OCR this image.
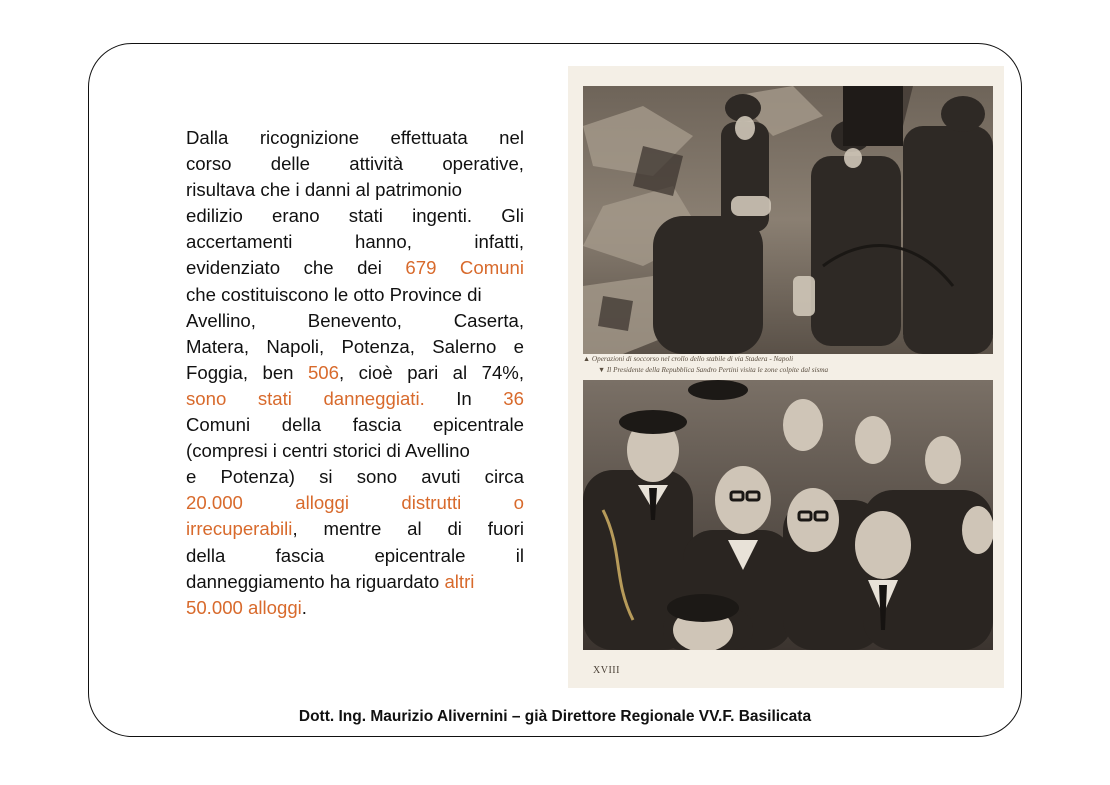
Dalla ricognizione effettuata nel
corso delle attività operative,
risultava che i danni al patrimonio
edilizio erano stati ingenti. Gli
accertamenti	hanno,	infatti,
evidenziato che dei 679 Comuni
che costituiscono le otto Province di
Avellino,	Benevento,	Caserta,
Matera, Napoli, Potenza, Salerno e
Foggia, ben 506, cioè pari al 74%,
sono stati danneggiati. In 36
Comuni della fascia epicentrale
(compresi i centri storici di Avellino
e Potenza) si sono avuti circa
20.000	alloggi	distrutti	o
irrecuperabili, mentre al di fuori
della	fascia	epicentrale	il
danneggiamento ha riguardato altri
50.000 alloggi.
▲ Operazioni di soccorso nel crollo dello stabile di via Stadera - Napoli
▼ Il Presidente della Repubblica Sandro Pertini visita le zone colpite dal sisma
XVIII
Dott. Ing. Maurizio Alivernini – già Direttore Regionale VV.F. Basilicata
